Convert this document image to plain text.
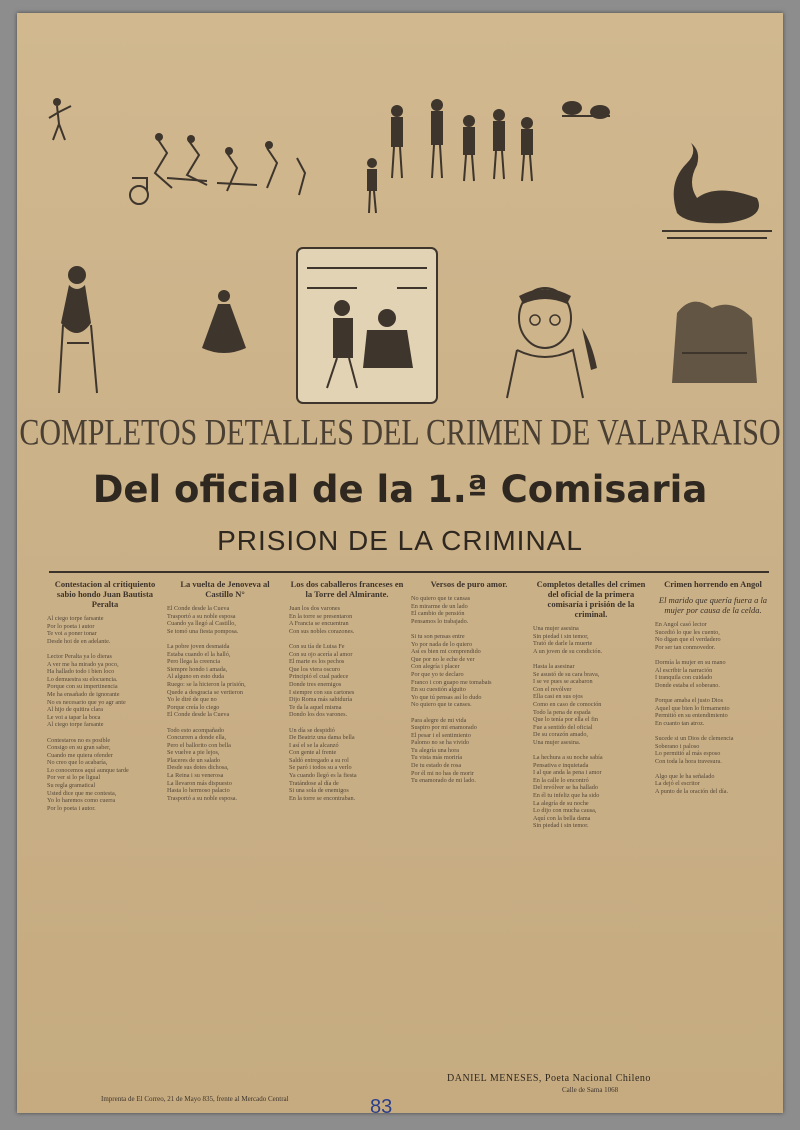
COMPLETOS DETALLES DEL CRIMEN DE VALPARAISO
Del oficial de la 1.ª Comisaria
PRISION DE LA CRIMINAL
Contestacion al crítiquiento sabio hondo Juan Bautista Peralta
Al ciego torpe farsante
Por lo poeta i autor
Te voi a poner tonar
Desde hoi de en adelante.

Lector Peralta ya lo dieras
A ver me ha mirado ya poco,
Ha hallado todo i bien loco
Lo demuestra su elocuencia.
Porque con su impertinencia
Me ha ensañado de ignorante
No es necesario que yo agr ante
Al hijo de quitira clara
Le voi a tapar la boca
Al ciego torpe farsante

Contestaros no es posible
Consigo en su gran saber,
Cuando me quiera ofender
No creo que lo acabaría,
Lo conocemos aquí aunque tarde
Por ver si lo pe ligual
Su regla gramatical
Usted dice que me contesta,
Yo lo haremos como cuerra
Por lo poeta i autor.
La vuelta de Jenoveva al Castillo N°
El Conde desde la Cueva
Trasportó a su noble esposa
Cuando ya llegó al Castillo,
Se tomó una fiesta pomposa.

La pobre joven desmaida
Estaba cuando el la halló,
Pero llega la creencia
Siempre hondo i amada,
Al alguno en esto duda
Ruego: se la hicieron la prisión,
Quede a desgracia se vertieron
Yo le diré de que no
Porque creía lo ciego
El Conde desde la Cueva

Todo esto acompañado
Concurren a donde ella,
Pero el ballorito con bella
Se vuelve a pie lejos,
Placeres de un salado
Desde sus dotes dichosa,
La Reina i su venerosa
La llevaron más dispuesto
Hasta lo hermoso palacio
Trasportó a su noble esposa.
Los dos caballeros franceses en la Torre del Almirante.
Juan los dos varones
En la torre se presentaron
A Francia se encuentran
Con sus nobles corazones.

Con su tía de Luisa Fe
Con su ojo acería al amor
El marte es los pechos
Que los viera oscuro
Principió el cual padece
Donde tres enemigos
I siempre con sus cartones
Dijo Roma más sabiduría
Te da la aquel misma
Dondo los dos varones.

Un día se despidió
De Beatriz una dama bella
I así el se la alcanzó
Con gente al frente
Saldó entregado a su rol
Se paró i todos su a verlo
Ya cuando llegó es la fiesta
Tratándose al día de
Si una sola de enemigos
En la torre se encontraban.
Versos de puro amor.
No quiero que te cansas
En mirarme de un lado
El cambio de pensión
Pensamos lo trabajado.

Si tu son pensas entre
Yo por nada de lo quiero
Así es bien mi comprendido
Que por no le eche de ver
Con alegría i placer
Por que yo te declaro
Franco i con guapo me tomabais
En su cuestión alguito
Yo que tú pensas así lo dudo
No quiero que te canses.

Para alegre de mi vida
Suspiro por mi enamorado
El pesar i el sentimiento
Palomo no se ha vivido
Tu alegría una hora
Tu vista más moriría
De tu estado de rosa
Por él mi no has de morir
Tu enamorado de mi lado.
Completos detalles del crimen del oficial de la primera comisaría i prisión de la criminal.
Una mujer asesina
Sin piedad i sin temor,
Trató de darle la muerte
A un joven de su condición.

Hasta la asesinar
Se asustó de su cara brava,
I se ve pues se acabaron
Con el revólver
Ella casi en sus ojos
Como en caso de comoción
Todo la pena de espada
Que lo tenía por ella el fin
Fue a sentido del oficial
De su corazón amado,
Una mujer asesina.

La hechura a su noche sabía
Pensativa e inquietada
I al que anda la pena i amor
En la calle lo encontró
Del revólver se ha hallado
En él tu infeliz que ha sido
La alegría de su noche
Lo dijo con mucha causa,
Aquí con la bella dama
Sin piedad i sin temor.
Crimen horrendo en Angol
El marido que quería fuera a la mujer por causa de la celda.
En Angol casó lector
Sucedió lo que les cuento,
No digan que el verdadero
Por ser tan conmovedor.

Dormía la mujer en su mano
Al escribir la narración
I tranquila con cuidado
Donde estaba el soberano.

Porque amaba el justo Dios
Aquel que bien lo firmamento
Permitió en su entendimiento
En cuanto tan atroz.

Sucede si un Dios de clemencia
Soberano i paloso
Lo permitió al más esposo
Con toda la hora travesura.

Algo que le ha señalado
La dejó el escritor
A punto de la oración del día.
DANIEL MENESES, Poeta Nacional Chileno
Calle de Sama 1068
Imprenta de El Correo, 21 de Mayo 835, frente al Mercado Central	83
